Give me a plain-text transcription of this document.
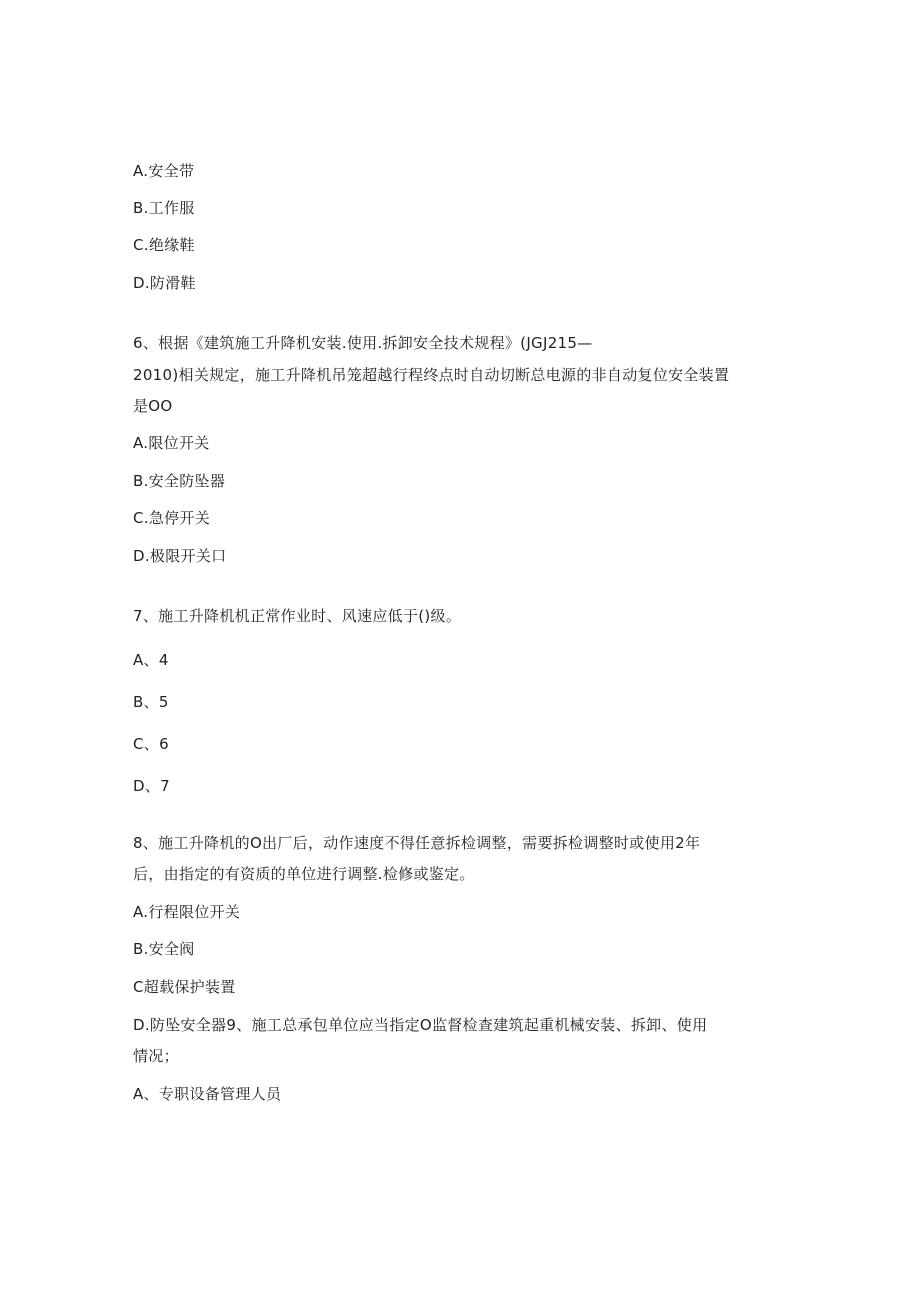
A.安全带
B.工作服
C.绝缘鞋
D.防滑鞋
6、根据《建筑施工升降机安装.使用.拆卸安全技术规程》(JGJ215—
2010)相关规定，施工升降机吊笼超越行程终点时自动切断总电源的非自动复位安全装置
是OO
A.限位开关
B.安全防坠器
C.急停开关
D.极限开关口
7、施工升降机机正常作业时、风速应低于()级。
A、4
B、5
C、6
D、7
8、施工升降机的O出厂后，动作速度不得任意拆检调整，需要拆检调整时或使用2年
后，由指定的有资质的单位进行调整.检修或鉴定。
A.行程限位开关
B.安全阀
C超载保护装置
D.防坠安全器9、施工总承包单位应当指定O监督检查建筑起重机械安装、拆卸、使用
情况；
A、专职设备管理人员
